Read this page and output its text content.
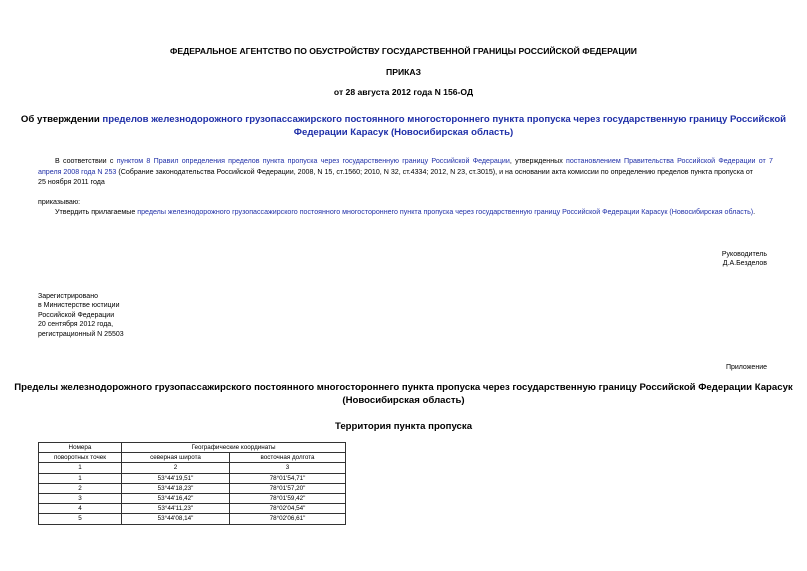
ФЕДЕРАЛЬНОЕ АГЕНТСТВО ПО ОБУСТРОЙСТВУ ГОСУДАРСТВЕННОЙ ГРАНИЦЫ РОССИЙСКОЙ ФЕДЕРАЦИИ
ПРИКАЗ
от 28 августа 2012 года N 156-ОД
Об утверждении пределов железнодорожного грузопассажирского постоянного многостороннего пункта пропуска через государственную границу Российской
Федерации Карасук (Новосибирская область)
В соответствии с пунктом 8 Правил определения пределов пункта пропуска через государственную границу Российской Федерации, утвержденных постановлением Правительства Российской Федерации от 7
апреля 2008 года N 253 (Собрание законодательства Российской Федерации, 2008, N 15, ст.1560; 2010, N 32, ст.4334; 2012, N 23, ст.3015), и на основании акта комиссии по определению пределов пункта пропуска от
25 ноября 2011 года
приказываю:
Утвердить прилагаемые пределы железнодорожного грузопассажирского постоянного многостороннего пункта пропуска через государственную границу Российской Федерации Карасук (Новосибирская область).
Руководитель
Д.А.Безделов
Зарегистрировано
в Министерстве юстиции
Российской Федерации
20 сентября 2012 года,
регистрационный N 25503
Приложение
Пределы железнодорожного грузопассажирского постоянного многостороннего пункта пропуска через государственную границу Российской Федерации Карасук
(Новосибирская область)
Территория пункта пропуска
Номера	Географические координаты	
поворотных точек	северная широта	восточная долгота
1	2	3
1	53°44'19,51"	78°01'54,71"
2	53°44'18,23"	78°01'57,20"
3	53°44'16,42"	78°01'59,42"
4	53°44'11,23"	78°02'04,54"
5	53°44'08,14"	78°02'06,61"
